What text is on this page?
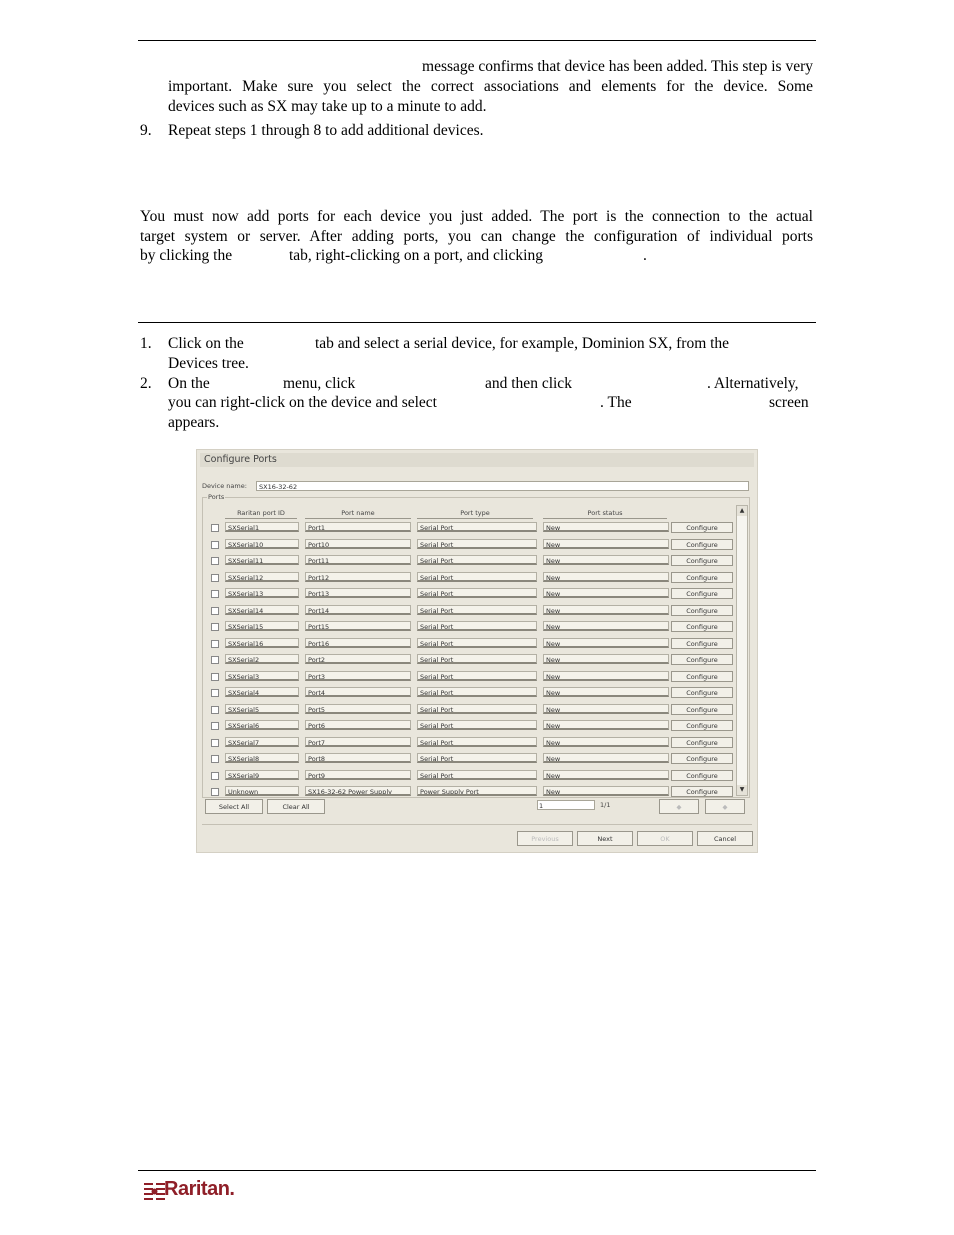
message confirms that device has been added. This step is very
important. Make sure you select the correct associations and elements for the device. Some
devices such as SX may take up to a minute to add.
9. Repeat steps 1 through 8 to add additional devices.
You must now add ports for each device you just added. The port is the connection to the actual
target system or server. After adding ports, you can change the configuration of individual ports
by clicking the	tab, right-clicking on a port, and clicking	.
1. Click on the	tab and select a serial device, for example, Dominion SX, from the
Devices tree.
2. On the	menu, click	and then click	. Alternatively,
you can right-click on the device and select	. The	screen
appears.
Configure Ports
Device name:	SX16-32-62
Ports
Raritan port ID	Port name	Port type	Port status
SXSerial1	Port1	Serial Port	New	Configure
SXSerial10	Port10	Serial Port	New	Configure
SXSerial11	Port11	Serial Port	New	Configure
SXSerial12	Port12	Serial Port	New	Configure
SXSerial13	Port13	Serial Port	New	Configure
SXSerial14	Port14	Serial Port	New	Configure
SXSerial15	Port15	Serial Port	New	Configure
SXSerial16	Port16	Serial Port	New	Configure
SXSerial2	Port2	Serial Port	New	Configure
SXSerial3	Port3	Serial Port	New	Configure
SXSerial4	Port4	Serial Port	New	Configure
SXSerial5	Port5	Serial Port	New	Configure
SXSerial6	Port6	Serial Port	New	Configure
SXSerial7	Port7	Serial Port	New	Configure
SXSerial8	Port8	Serial Port	New	Configure
SXSerial9	Port9	Serial Port	New	Configure
Unknown	SX16-32-62 Power Supply	Power Supply Port	New	Configure
▲
▼
Select All	Clear All	1	1/1	◆	◆
Previous	Next	OK	Cancel
Raritan.
